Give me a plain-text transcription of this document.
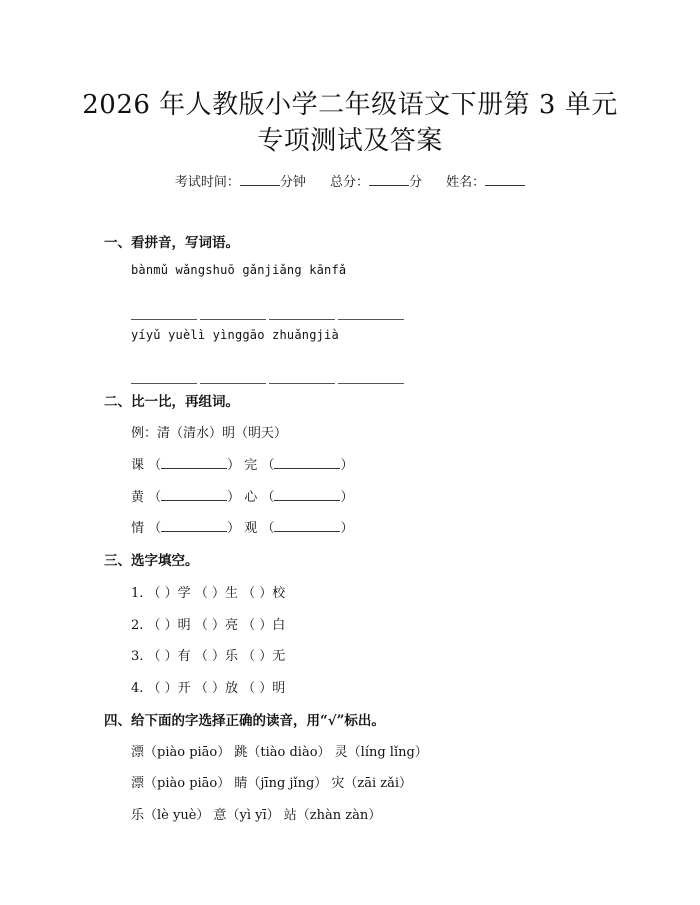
2026 年人教版小学二年级语文下册第 3 单元
专项测试及答案
考试时间：	分钟 总分：	分 姓名：
一、看拼音，写词语。
bànmǔ wǎngshuō gǎnjiǎng kānfǎ
yíyǔ yuèlì yìnggāo zhuǎngjià
二、比一比，再组词。
例：清（清水）明（明天）
课 （	） 完 （	）
黄 （	） 心 （	）
情 （	） 观 （	）
三、选字填空。
1. （ ）学 （ ）生 （ ）校
2. （ ）明 （ ）亮 （ ）白
3. （ ）有 （ ）乐 （ ）无
4. （ ）开 （ ）放 （ ）明
四、给下面的字选择正确的读音，用“√”标出。
漂（piào piāo） 跳（tiào diào） 灵（líng lǐng）
漂（piào piāo） 睛（jīng jǐng） 灾（zāi zǎi）
乐（lè yuè） 意（yì yī） 站（zhàn zàn）
